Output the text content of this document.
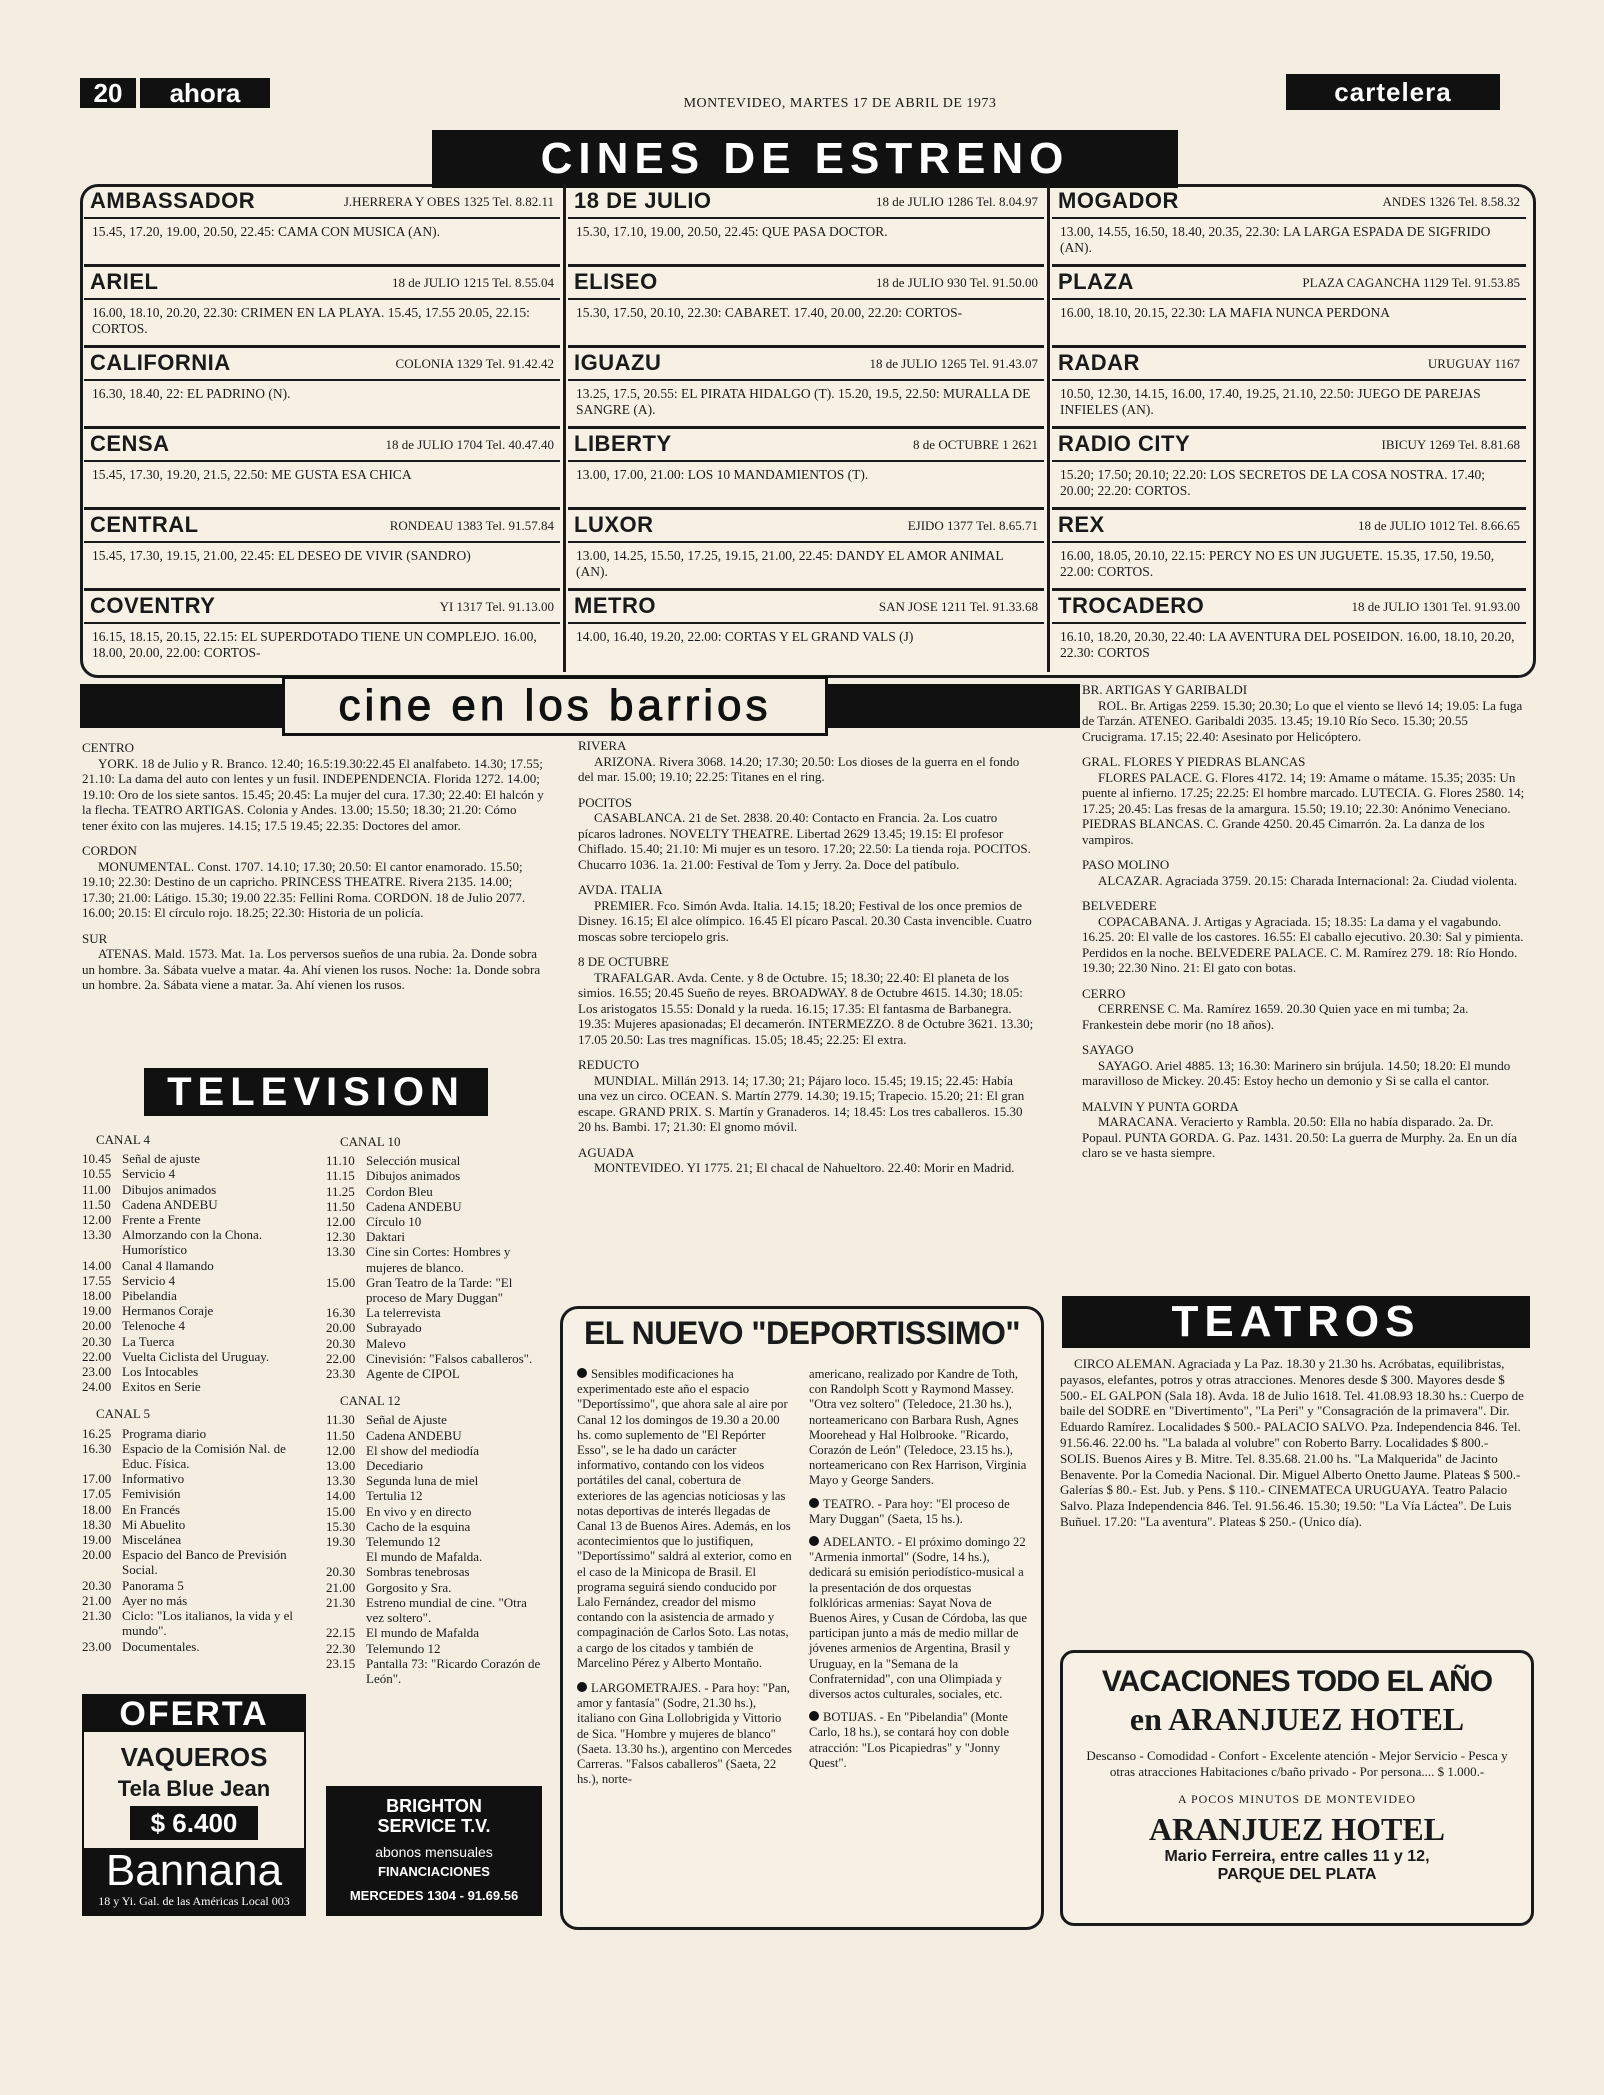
20	ahora	MONTEVIDEO, MARTES 17 DE ABRIL DE 1973	cartelera
CINES DE ESTRENO
AMBASSADOR	J.HERRERA Y OBES 1325 Tel. 8.82.11
15.45, 17.20, 19.00, 20.50, 22.45: CAMA CON MUSICA (AN).
ARIEL	18 de JULIO 1215 Tel. 8.55.04
16.00, 18.10, 20.20, 22.30: CRIMEN EN LA PLAYA. 15.45, 17.55 20.05, 22.15: CORTOS.
CALIFORNIA	COLONIA 1329 Tel. 91.42.42
16.30, 18.40, 22: EL PADRINO (N).
CENSA	18 de JULIO 1704 Tel. 40.47.40
15.45, 17.30, 19.20, 21.5, 22.50: ME GUSTA ESA CHICA
CENTRAL	RONDEAU 1383 Tel. 91.57.84
15.45, 17.30, 19.15, 21.00, 22.45: EL DESEO DE VIVIR (SANDRO)
COVENTRY	YI 1317 Tel. 91.13.00
16.15, 18.15, 20.15, 22.15: EL SUPERDOTADO TIENE UN COMPLEJO. 16.00, 18.00, 20.00, 22.00: CORTOS-
18 DE JULIO	18 de JULIO 1286 Tel. 8.04.97
15.30, 17.10, 19.00, 20.50, 22.45: QUE PASA DOCTOR.
ELISEO	18 de JULIO 930 Tel. 91.50.00
15.30, 17.50, 20.10, 22.30: CABARET. 17.40, 20.00, 22.20: CORTOS-
IGUAZU	18 de JULIO 1265 Tel. 91.43.07
13.25, 17.5, 20.55: EL PIRATA HIDALGO (T). 15.20, 19.5, 22.50: MURALLA DE SANGRE (A).
LIBERTY	8 de OCTUBRE 1 2621
13.00, 17.00, 21.00: LOS 10 MANDAMIENTOS (T).
LUXOR	EJIDO 1377 Tel. 8.65.71
13.00, 14.25, 15.50, 17.25, 19.15, 21.00, 22.45: DANDY EL AMOR ANIMAL (AN).
METRO	SAN JOSE 1211 Tel. 91.33.68
14.00, 16.40, 19.20, 22.00: CORTAS Y EL GRAND VALS (J)
MOGADOR	ANDES 1326 Tel. 8.58.32
13.00, 14.55, 16.50, 18.40, 20.35, 22.30: LA LARGA ESPADA DE SIGFRIDO (AN).
PLAZA	PLAZA CAGANCHA 1129 Tel. 91.53.85
16.00, 18.10, 20.15, 22.30: LA MAFIA NUNCA PERDONA
RADAR	URUGUAY 1167
10.50, 12.30, 14.15, 16.00, 17.40, 19.25, 21.10, 22.50: JUEGO DE PAREJAS INFIELES (AN).
RADIO CITY	IBICUY 1269 Tel. 8.81.68
15.20; 17.50; 20.10; 22.20: LOS SECRETOS DE LA COSA NOSTRA. 17.40; 20.00; 22.20: CORTOS.
REX	18 de JULIO 1012 Tel. 8.66.65
16.00, 18.05, 20.10, 22.15: PERCY NO ES UN JUGUETE. 15.35, 17.50, 19.50, 22.00: CORTOS.
TROCADERO	18 de JULIO 1301 Tel. 91.93.00
16.10, 18.20, 20.30, 22.40: LA AVENTURA DEL POSEIDON. 16.00, 18.10, 20.20, 22.30: CORTOS
cine en los barrios
CENTRO

YORK. 18 de Julio y R. Branco. 12.40; 16.5:19.30:22.45 El analfabeto. 14.30; 17.55; 21.10: La dama del auto con lentes y un fusil. INDEPENDENCIA. Florida 1272. 14.00; 19.10: Oro de los siete santos. 15.45; 20.45: La mujer del cura. 17.30; 22.40: El halcón y la flecha. TEATRO ARTIGAS. Colonia y Andes. 13.00; 15.50; 18.30; 21.20: Cómo tener éxito con las mujeres. 14.15; 17.5 19.45; 22.35: Doctores del amor.

CORDON

MONUMENTAL. Const. 1707. 14.10; 17.30; 20.50: El cantor enamorado. 15.50; 19.10; 22.30: Destino de un capricho. PRINCESS THEATRE. Rivera 2135. 14.00; 17.30; 21.00: Látigo. 15.30; 19.00 22.35: Fellini Roma. CORDON. 18 de Julio 2077. 16.00; 20.15: El círculo rojo. 18.25; 22.30: Historia de un policía.

SUR

ATENAS. Mald. 1573. Mat. 1a. Los perversos sueños de una rubia. 2a. Donde sobra un hombre. 3a. Sábata vuelve a matar. 4a. Ahí vienen los rusos. Noche: 1a. Donde sobra un hombre. 2a. Sábata viene a matar. 3a. Ahí vienen los rusos.

RIVERA

ARIZONA. Rivera 3068. 14.20; 17.30; 20.50: Los dioses de la guerra en el fondo del mar. 15.00; 19.10; 22.25: Titanes en el ring.

POCITOS

CASABLANCA. 21 de Set. 2838. 20.40: Contacto en Francia. 2a. Los cuatro pícaros ladrones. NOVELTY THEATRE. Libertad 2629 13.45; 19.15: El profesor Chiflado. 15.40; 21.10: Mi mujer es un tesoro. 17.20; 22.50: La tienda roja. POCITOS. Chucarro 1036. 1a. 21.00: Festival de Tom y Jerry. 2a. Doce del patíbulo.

AVDA. ITALIA

PREMIER. Fco. Simón Avda. Italia. 14.15; 18.20; Festival de los once premios de Disney. 16.15; El alce olímpico. 16.45 El pícaro Pascal. 20.30 Casta invencible. Cuatro moscas sobre terciopelo gris.

8 DE OCTUBRE

TRAFALGAR. Avda. Cente. y 8 de Octubre. 15; 18.30; 22.40: El planeta de los simios. 16.55; 20.45 Sueño de reyes. BROADWAY. 8 de Octubre 4615. 14.30; 18.05: Los aristogatos 15.55: Donald y la rueda. 16.15; 17.35: El fantasma de Barbanegra. 19.35: Mujeres apasionadas; El decamerón. INTERMEZZO. 8 de Octubre 3621. 13.30; 17.05 20.50: Las tres magníficas. 15.05; 18.45; 22.25: El extra.

REDUCTO

MUNDIAL. Millán 2913. 14; 17.30; 21; Pájaro loco. 15.45; 19.15; 22.45: Había una vez un circo. OCEAN. S. Martín 2779. 14.30; 19.15; Trapecio. 15.20; 21: El gran escape. GRAND PRIX. S. Martín y Granaderos. 14; 18.45: Los tres caballeros. 15.30 20 hs. Bambi. 17; 21.30: El gnomo móvil.

AGUADA

MONTEVIDEO. YI 1775. 21; El chacal de Nahueltoro. 22.40: Morir en Madrid.

BR. ARTIGAS Y GARIBALDI

ROL. Br. Artigas 2259. 15.30; 20.30; Lo que el viento se llevó 14; 19.05: La fuga de Tarzán. ATENEO. Garibaldi 2035. 13.45; 19.10 Río Seco. 15.30; 20.55 Crucigrama. 17.15; 22.40: Asesinato por Helicóptero.

GRAL. FLORES Y PIEDRAS BLANCAS

FLORES PALACE. G. Flores 4172. 14; 19: Amame o mátame. 15.35; 2035: Un puente al infierno. 17.25; 22.25: El hombre marcado. LUTECIA. G. Flores 2580. 14; 17.25; 20.45: Las fresas de la amargura. 15.50; 19.10; 22.30: Anónimo Veneciano. PIEDRAS BLANCAS. C. Grande 4250. 20.45 Cimarrón. 2a. La danza de los vampiros.

PASO MOLINO

ALCAZAR. Agraciada 3759. 20.15: Charada Internacional: 2a. Ciudad violenta.

BELVEDERE

COPACABANA. J. Artigas y Agraciada. 15; 18.35: La dama y el vagabundo. 16.25. 20: El valle de los castores. 16.55: El caballo ejecutivo. 20.30: Sal y pimienta. Perdidos en la noche. BELVEDERE PALACE. C. M. Ramírez 279. 18: Río Hondo. 19.30; 22.30 Nino. 21: El gato con botas.

CERRO

CERRENSE C. Ma. Ramírez 1659. 20.30 Quien yace en mi tumba; 2a. Frankestein debe morir (no 18 años).

SAYAGO

SAYAGO. Ariel 4885. 13; 16.30: Marinero sin brújula. 14.50; 18.20: El mundo maravilloso de Mickey. 20.45: Estoy hecho un demonio y Si se calla el cantor.

MALVIN Y PUNTA GORDA

MARACANA. Veracierto y Rambla. 20.50: Ella no había disparado. 2a. Dr. Popaul. PUNTA GORDA. G. Paz. 1431. 20.50: La guerra de Murphy. 2a. En un día claro se ve hasta siempre.

TELEVISION
CANAL 4
10.45 Señal de ajuste
10.55 Servicio 4
11.00 Dibujos animados
11.50 Cadena ANDEBU
12.00 Frente a Frente
13.30 Almorzando con la Chona. Humorístico
14.00 Canal 4 llamando
17.55 Servicio 4
18.00 Pibelandia
19.00 Hermanos Coraje
20.00 Telenoche 4
20.30 La Tuerca
22.00 Vuelta Ciclista del Uruguay.
23.00 Los Intocables
24.00 Exitos en Serie
CANAL 5
16.25 Programa diario
16.30 Espacio de la Comisión Nal. de Educ. Física.
17.00 Informativo
17.05 Femivisión
18.00 En Francés
18.30 Mi Abuelito
19.00 Miscelánea
20.00 Espacio del Banco de Previsión Social.
20.30 Panorama 5
21.00 Ayer no más
21.30 Ciclo: "Los italianos, la vida y el mundo".
23.00 Documentales.
CANAL 10
11.10 Selección musical
11.15 Dibujos animados
11.25 Cordon Bleu
11.50 Cadena ANDEBU
12.00 Círculo 10
12.30 Daktari
13.30 Cine sin Cortes: Hombres y mujeres de blanco.
15.00 Gran Teatro de la Tarde: "El proceso de Mary Duggan"
16.30 La telerrevista
20.00 Subrayado
20.30 Malevo
22.00 Cinevisión: "Falsos caballeros".
23.30 Agente de CIPOL
CANAL 12
11.30 Señal de Ajuste
11.50 Cadena ANDEBU
12.00 El show del mediodía
13.00 Decediario
13.30 Segunda luna de miel
14.00 Tertulia 12
15.00 En vivo y en directo
15.30 Cacho de la esquina
19.30 Telemundo 12
El mundo de Mafalda.
20.30 Sombras tenebrosas
21.00 Gorgosito y Sra.
21.30 Estreno mundial de cine. "Otra vez soltero".
22.15 El mundo de Mafalda
22.30 Telemundo 12
23.15 Pantalla 73: "Ricardo Corazón de León".
OFERTA
VAQUEROS
Tela Blue Jean
$ 6.400
Bannana
18 y Yi. Gal. de las Américas Local 003
BRIGHTON
SERVICE T.V.
abonos mensuales
FINANCIACIONES
MERCEDES 1304 - 91.69.56
EL NUEVO "DEPORTISSIMO"

Sensibles modificaciones ha experimentado este año el espacio "Deportíssimo", que ahora sale al aire por Canal 12 los domingos de 19.30 a 20.00 hs. como suplemento de "El Repórter Esso", se le ha dado un carácter informativo, contando con los videos portátiles del canal, cobertura de exteriores de las agencias noticiosas y las notas deportivas de interés llegadas de Canal 13 de Buenos Aires. Además, en los acontecimientos que lo justifiquen, "Deportíssimo" saldrá al exterior, como en el caso de la Minicopa de Brasil. El programa seguirá siendo conducido por Lalo Fernández, creador del mismo contando con la asistencia de armado y compaginación de Carlos Soto. Las notas, a cargo de los citados y también de Marcelino Pérez y Alberto Montaño.

LARGOMETRAJES. - Para hoy: "Pan, amor y fantasía" (Sodre, 21.30 hs.), italiano con Gina Lollobrigida y Vittorio de Sica. "Hombre y mujeres de blanco" (Saeta. 13.30 hs.), argentino con Mercedes Carreras. "Falsos caballeros" (Saeta, 22 hs.), norte-

americano, realizado por Kandre de Toth, con Randolph Scott y Raymond Massey. "Otra vez soltero" (Teledoce, 21.30 hs.), norteamericano con Barbara Rush, Agnes Moorehead y Hal Holbrooke. "Ricardo, Corazón de León" (Teledoce, 23.15 hs.), norteamericano con Rex Harrison, Virginia Mayo y George Sanders.

TEATRO. - Para hoy: "El proceso de Mary Duggan" (Saeta, 15 hs.).

ADELANTO. - El próximo domingo 22 "Armenia inmortal" (Sodre, 14 hs.), dedicará su emisión periodístico-musical a la presentación de dos orquestas folklóricas armenias: Sayat Nova de Buenos Aires, y Cusan de Córdoba, las que participan junto a más de medio millar de jóvenes armenios de Argentina, Brasil y Uruguay, en la "Semana de la Confraternidad", con una Olimpiada y diversos actos culturales, sociales, etc.

BOTIJAS. - En "Pibelandia" (Monte Carlo, 18 hs.), se contará hoy con doble atracción: "Los Picapiedras" y "Jonny Quest".

TEATROS
CIRCO ALEMAN. Agraciada y La Paz. 18.30 y 21.30 hs. Acróbatas, equilibristas, payasos, elefantes, potros y otras atracciones. Menores desde $ 300. Mayores desde $ 500.- EL GALPON (Sala 18). Avda. 18 de Julio 1618. Tel. 41.08.93 18.30 hs.: Cuerpo de baile del SODRE en "Divertimento", "La Peri" y "Consagración de la primavera". Dir. Eduardo Ramírez. Localidades $ 500.- PALACIO SALVO. Pza. Independencia 846. Tel. 91.56.46. 22.00 hs. "La balada al volubre" con Roberto Barry. Localidades $ 800.- SOLIS. Buenos Aires y B. Mitre. Tel. 8.35.68. 21.00 hs. "La Malquerida" de Jacinto Benavente. Por la Comedia Nacional. Dir. Miguel Alberto Onetto Jaume. Plateas $ 500.- Galerías $ 80.- Est. Jub. y Pens. $ 110.- CINEMATECA URUGUAYA. Teatro Palacio Salvo. Plaza Independencia 846. Tel. 91.56.46. 15.30; 19.50: "La Vía Láctea". De Luis Buñuel. 17.20: "La aventura". Plateas $ 250.- (Unico día).
VACACIONES TODO EL AÑO
en ARANJUEZ HOTEL
Descanso - Comodidad - Confort - Excelente atención - Mejor Servicio - Pesca y otras atracciones Habitaciones c/baño privado - Por persona.... $ 1.000.-
A POCOS MINUTOS DE MONTEVIDEO
ARANJUEZ HOTEL
Mario Ferreira, entre calles 11 y 12,
PARQUE DEL PLATA
